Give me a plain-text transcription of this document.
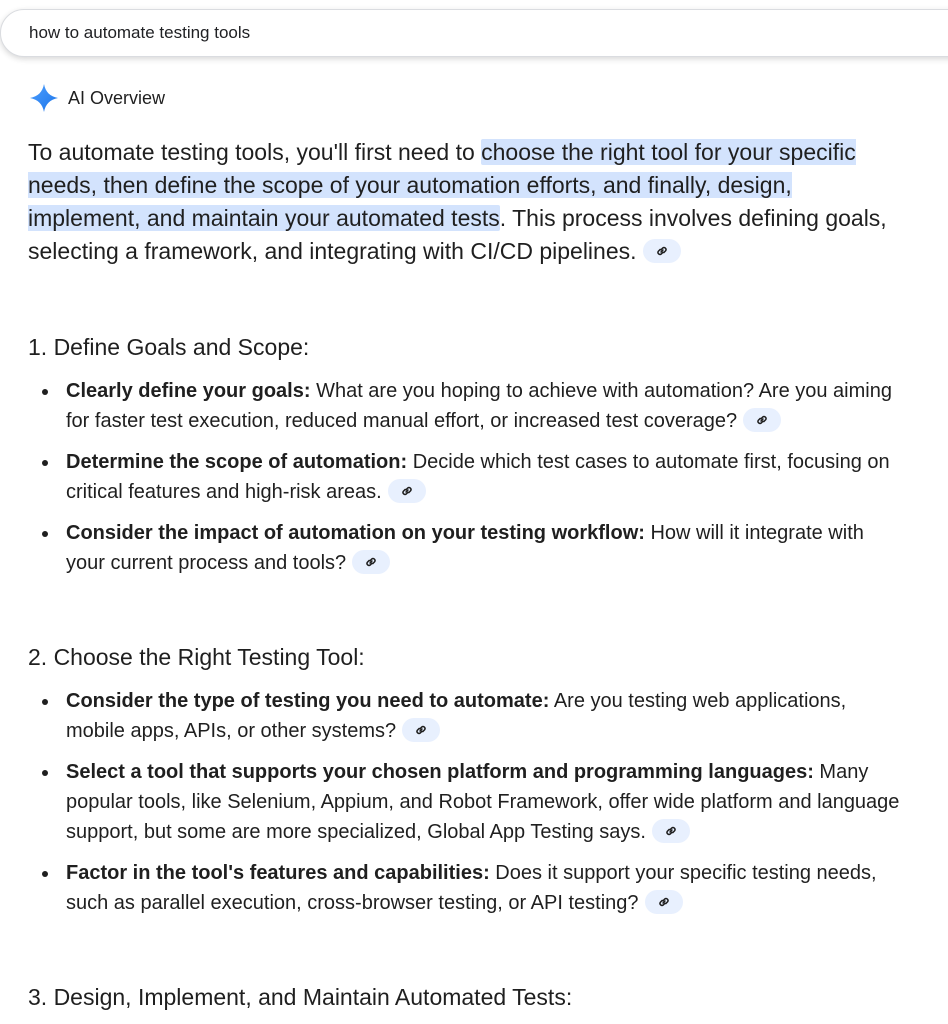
how to automate testing tools
AI Overview

To automate testing tools, you'll first need to choose the right tool for your specific needs, then define the scope of your automation efforts, and finally, design, implement, and maintain your automated tests. This process involves defining goals, selecting a framework, and integrating with CI/CD pipelines.

1. Define Goals and Scope:

Clearly define your goals: What are you hoping to achieve with automation? Are you aiming for faster test execution, reduced manual effort, or increased test coverage?
Determine the scope of automation: Decide which test cases to automate first, focusing on critical features and high-risk areas.
Consider the impact of automation on your testing workflow: How will it integrate with your current process and tools?

2. Choose the Right Testing Tool:

Consider the type of testing you need to automate: Are you testing web applications, mobile apps, APIs, or other systems?
Select a tool that supports your chosen platform and programming languages: Many popular tools, like Selenium, Appium, and Robot Framework, offer wide platform and language support, but some are more specialized, Global App Testing says.
Factor in the tool's features and capabilities: Does it support your specific testing needs, such as parallel execution, cross-browser testing, or API testing?

3. Design, Implement, and Maintain Automated Tests:
